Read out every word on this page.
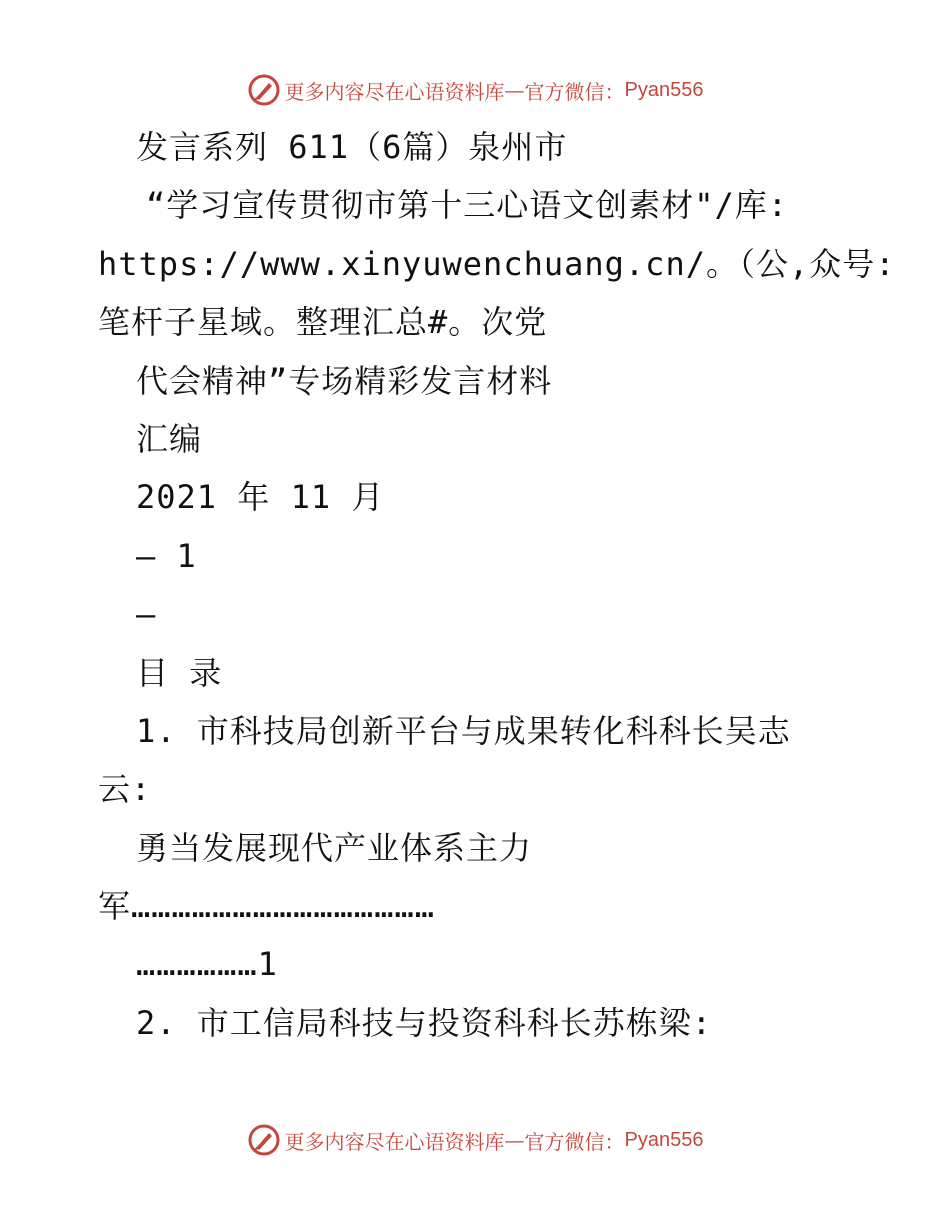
更多内容尽在心语资料库 — 官方微信： Pyan556
发言系列 611（6篇）泉州市
“学习宣传贯彻市第十三心语文创素材"/库:
https://www.xinyuwenchuang.cn/。（公,众号:
笔杆子星域。整理汇总#。次党
代会精神”专场精彩发言材料
汇编
2021 年 11 月
— 1
—
目 录
1. 市科技局创新平台与成果转化科科长吴志
云:
勇当发展现代产业体系主力
军………………………………………
………………1
2. 市工信局科技与投资科科长苏栋梁:
更多内容尽在心语资料库 — 官方微信： Pyan556
